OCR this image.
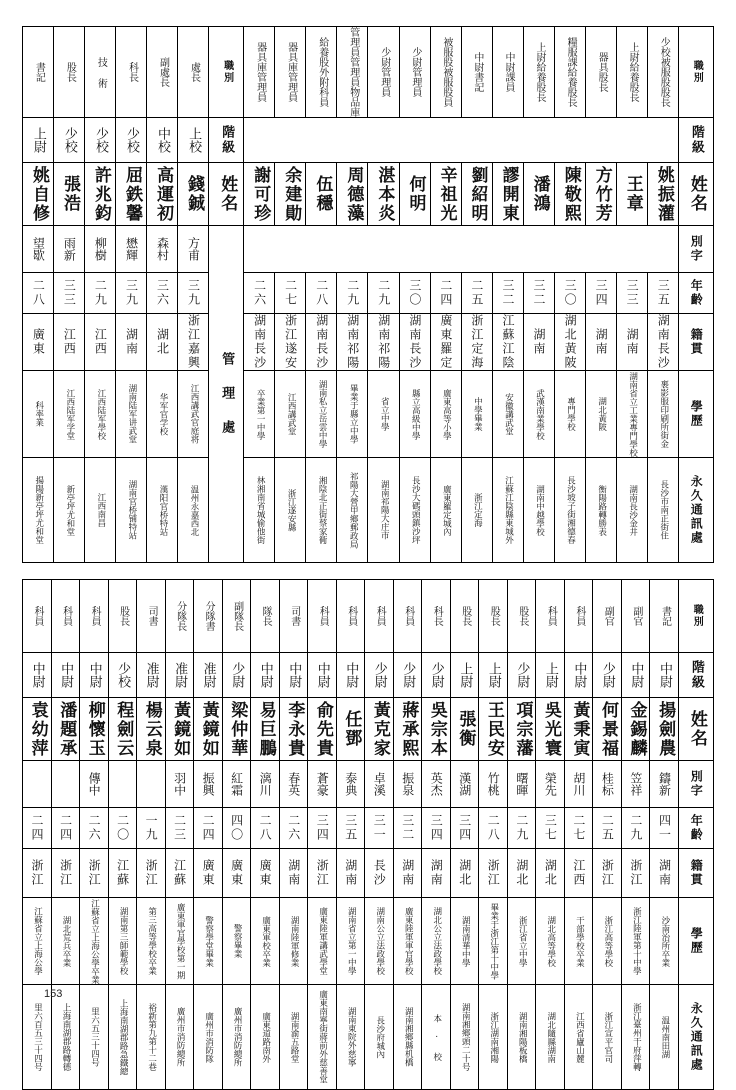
書記	股長	技 術	科長	副處長	處長	職別	器具庫管理員	器具庫管理員	給養股外附科員	管理員管理員物品庫	少尉管理員	少尉管理員	被服股被服股員	中尉書記	中尉課員	上尉給養股長	糧服課給養股長	器具股長	上尉給養股長	少校被服股股長	職別

上尉	少校	少校	少校	中校	上校	階級															階級

姚自修	張浩	許兆鈞	屈鉄馨	高運初	錢鋮	姓名	謝可珍	余建勛	伍穩	周德藻	湛本炎	何明	辛祖光	劉紹明	謬開東	潘鴻	陳敬熙	方竹芳	王章	姚振灌	姓名

望歇	雨新	柳樹	懋輝	森村	方甫	管 理 處															別字

二八	三三	二九	三九	三六	三九		二六	二七	二八	二九	二九	三〇	二四	二五	三二	三二	三〇	三四	三三	三五	年齡

廣東	江西	江西	湖南	湖北	浙江嘉興		湖南長沙	浙江遂安	湖南長沙	湖南祁陽	湖南祁陽	湖南長沙	廣東羅定	浙江定海	江蘇江陰	湖南	湖北黃陂	湖南	湖南	湖南長沙	籍貫

科率業	江西陆军学堂	江西陆军學校	湖南陆军讲武堂	华军官学校	江西講武官庭将		卒業第一中學	江西講武堂	湖南私立岳雲中學	畢業于縣立中學	省立中學	縣立高級中學	廣東高等小學	中學畢業	安徽講武堂	武漢南業學校	專門學校	湖北黃陂	湖南省立工業專門學校	裹影服印刷所街金	學歷

揚陽新亭坪尤和堂	新亭坪尤和堂	江西南昌	湖南官桥铺特站	漢阳官桥特站	温州永嘉西北		林湘南省城偷他街	浙江遂安縣	湘陰北正街蔡家衕	祁陽大營甲鄉郵政局	湖南祁陽大庄市	長沙大碼頭鎮沙坪	廣東羅定城內	浙江定海	江蘇江陰縣東城外	湖南中越學校	長沙坡子街湘德春	衡陽路轉勝表	湖南長沙金井	長沙市南正街住	永久通訊處
科員	科員	科員	股長	司書	分隊長	分隊書	副隊長	隊長	司書	科員	科員	科員	科員	科長	股長	股長	股長	科員	科員	副官	副官	書記	職別

中尉	中尉	中尉	少校	准尉	准尉	准尉	少尉	中尉	中尉	中尉	中尉	少尉	少尉	少尉	上尉	上尉	少尉	上尉	中尉	少尉	中尉	中尉	階級

袁幼萍	潘題承	柳懷玉	程劍云	楊云泉	黃鏡如	黃鏡如	梁仲華	易巨鵬	李永貴	俞先貴	任鄧	黃克家	蔣承熙	吳宗本	張衡	王民安	項宗藩	吳光寰	黃秉寅	何景福	金錫麟	揚劍農	姓名

		傳中			羽中	振興	紅霜	漓川	春英	蒼豪	泰典	卓溪	振泉	英杰	漢湖	竹桃	曙暉	榮先	胡川	桂标	笠祥	鑄新	別字

二四	二四	二六	二〇	一九	二三	二四	四〇	二八	二六	三四	三五	三一	三二	三四	三四	二八	二九	三七	二七	二五	二九	四一	年齡

浙江	浙江	浙江	江蘇	浙江	江蘇	廣東	廣東	廣東	湖南	浙江	湖南	長沙	湖南	湖南	湖北	浙江	湖北	湖北	江西	浙江	浙江	湖南	籍貫

江蘇省立上海公學	湖北荒兵卒業	江蘇省立上海公學卒業	湖南第三師範學校	第三高等學校卒業	廣東軍官學校第一期	警察學堂畢業	警察畢業	廣東軍校卒業	湖南陸軍修業	廣東陸軍講武學堂	湖南省立第一中學	湖南公立法政學校	廣東陸軍軍官學校	湖北公立法政學校	湖南清華中學	畢業于浙江第十中學	浙江省立中學	湖北高等學校	干部學校卒業	浙江高等學校	浙江陸軍第十中學	沙南治所卒業	學歷

里六百五三十四号	上海南湖郡路轉德	里六五三十四号	上海南湖郡路急鐵總	裕新第九第十二巷	廣州市消防總所	廣州市消防隊	廣州市消防總所	廣東道路南外	湖南渝五路堂	廣東南寧街蔣前外慈善堂	湖南東院外慈寧	長沙府城內	湖南湘鄉縣机橋	本 · 校	湖南湘鄉頭二十号	浙江湖南湘陽	湖南湘陽板橋	湖北隨縣湖南	江西省廬山麓	浙江宣平官司	浙江臺州干府萍轉	温州南田湖	永久通訊處
153
